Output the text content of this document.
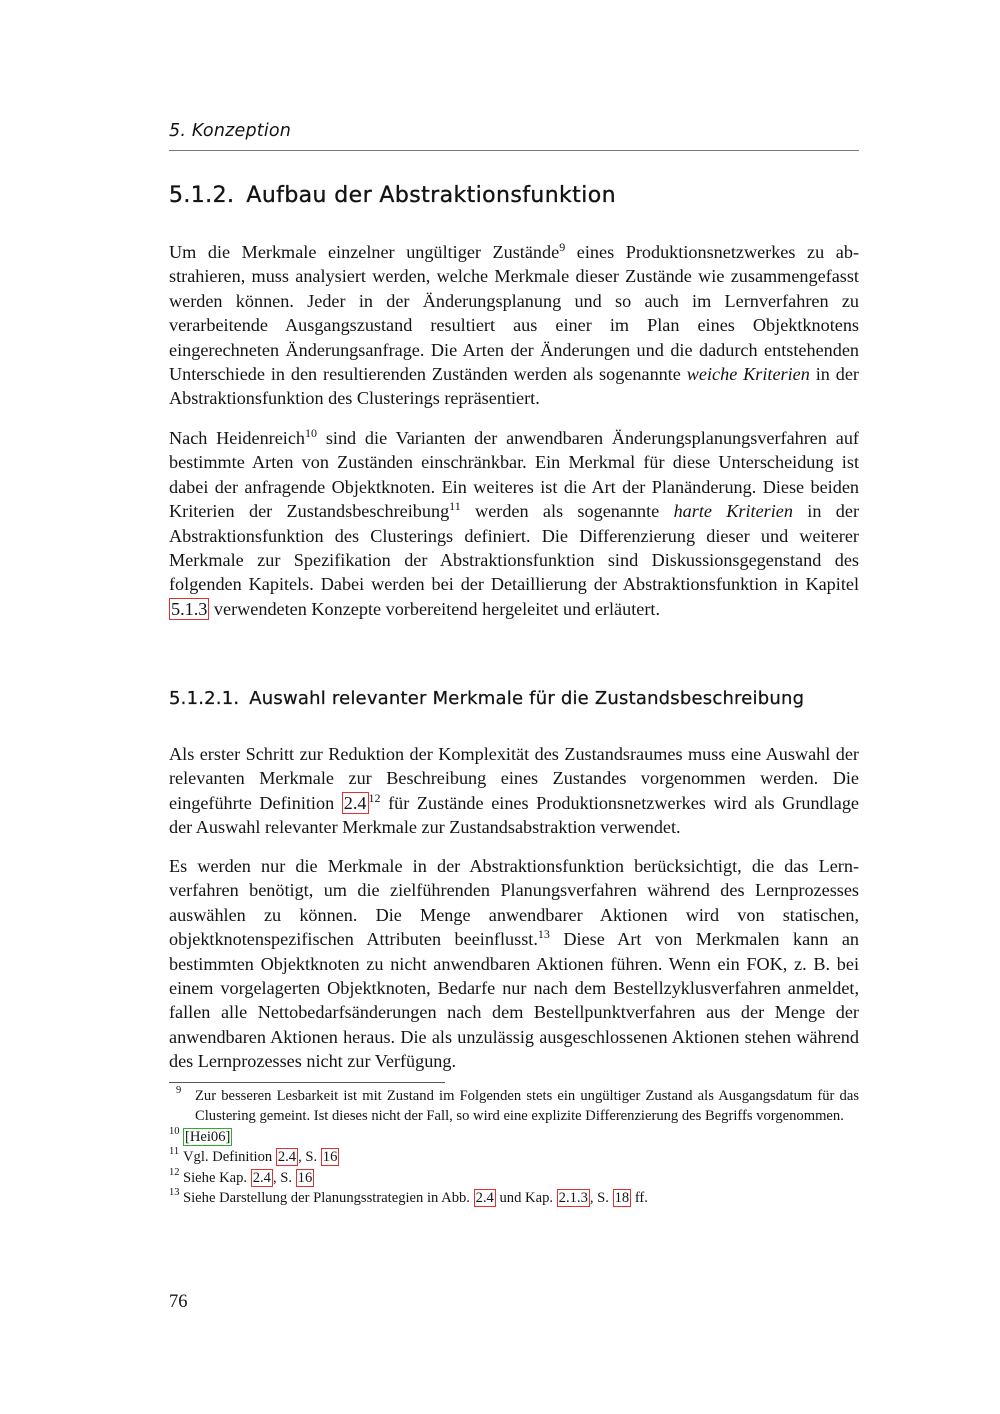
5. Konzeption
5.1.2. Aufbau der Abstraktionsfunktion

Um die Merkmale einzelner ungültiger Zustände$^9$ eines Produktionsnetzwerkes zu abstrahieren, muss analysiert werden, welche Merkmale dieser Zustände wie zusammengefasst werden können. Jeder in der Änderungsplanung und so auch im Lernverfahren zu verarbeitende Ausgangszustand resultiert aus einer im Plan eines Objektknotens eingerechneten Änderungsanfrage. Die Arten der Änderungen und die dadurch entstehenden Unterschiede in den resultierenden Zuständen werden als sogenannte weiche Kriterien in der Abstraktionsfunktion des Clusterings repräsentiert.

Nach Heidenreich$^{10}$ sind die Varianten der anwendbaren Änderungsplanungsverfahren auf bestimmte Arten von Zuständen einschränkbar. Ein Merkmal für diese Unterscheidung ist dabei der anfragende Objektknoten. Ein weiteres ist die Art der Planänderung. Diese beiden Kriterien der Zustandsbeschreibung$^{11}$ werden als sogenannte harte Kriterien in der Abstraktionsfunktion des Clusterings definiert. Die Differenzierung dieser und weiterer Merkmale zur Spezifikation der Abstraktionsfunktion sind Diskussionsgegenstand des folgenden Kapitels. Dabei werden bei der Detaillierung der Abstraktionsfunktion in Kapitel 5.1.3 verwendeten Konzepte vorbereitend hergeleitet und erläutert.

5.1.2.1. Auswahl relevanter Merkmale für die Zustandsbeschreibung

Als erster Schritt zur Reduktion der Komplexität des Zustandsraumes muss eine Auswahl der relevanten Merkmale zur Beschreibung eines Zustandes vorgenommen werden. Die eingeführte Definition 2.4 $^{12}$ für Zustände eines Produktionsnetzwerkes wird als Grundlage der Auswahl relevanter Merkmale zur Zustandsabstraktion verwendet.

Es werden nur die Merkmale in der Abstraktionsfunktion berücksichtigt, die das Lernverfahren benötigt, um die zielführenden Planungsverfahren während des Lernprozesses auswählen zu können. Die Menge anwendbarer Aktionen wird von statischen, objektknotenspezifischen Attributen beeinflusst.$^{13}$ Diese Art von Merkmalen kann an bestimmten Objektknoten zu nicht anwendbaren Aktionen führen. Wenn ein FOK, z. B. bei einem vorgelagerten Objektknoten, Bedarfe nur nach dem Bestellzyklusverfahren anmeldet, fallen alle Nettobedarfsänderungen nach dem Bestellpunktverfahren aus der Menge der anwendbaren Aktionen heraus. Die als unzulässig ausgeschlossenen Aktionen stehen während des Lernprozesses nicht zur Verfügung.

9 Zur besseren Lesbarkeit ist mit Zustand im Folgenden stets ein ungültiger Zustand als Ausgangsdatum für das Clustering gemeint. Ist dieses nicht der Fall, so wird eine explizite Differenzierung des Begriffs vorgenommen.
10 [Hei06]
11 Vgl. Definition 2.4 , S. 16
12 Siehe Kap. 2.4 , S. 16
13 Siehe Darstellung der Planungsstrategien in Abb. 2.4 und Kap. 2.1.3 , S. 18 ff.
76
